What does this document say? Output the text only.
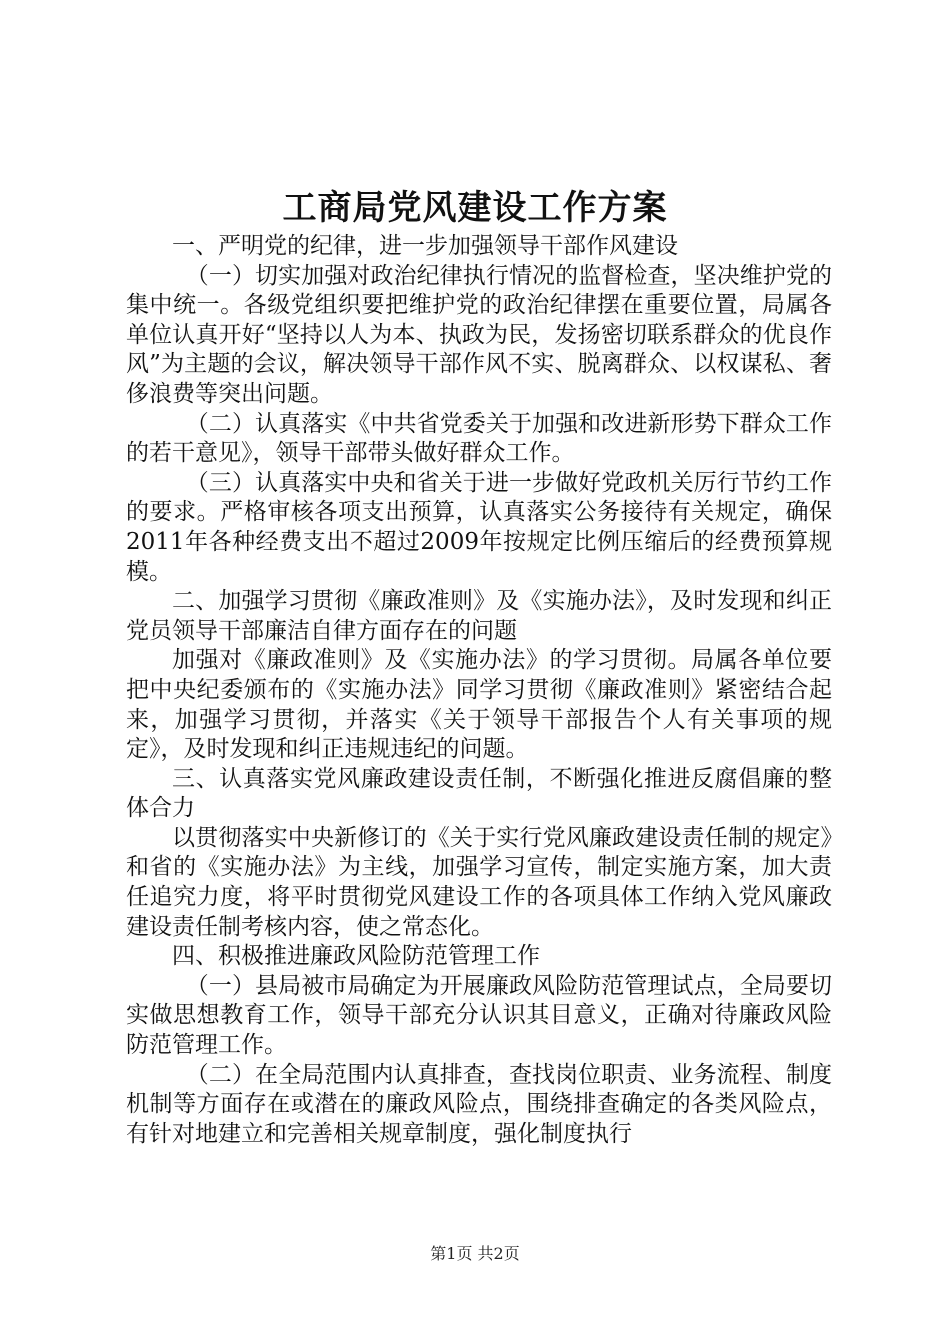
工商局党风建设工作方案

一、严明党的纪律，进一步加强领导干部作风建设

（一）切实加强对政治纪律执行情况的监督检查，坚决维护党的集中统一。各级党组织要把维护党的政治纪律摆在重要位置，局属各单位认真开好“坚持以人为本、执政为民，发扬密切联系群众的优良作风”为主题的会议，解决领导干部作风不实、脱离群众、以权谋私、奢侈浪费等突出问题。

（二）认真落实《中共省党委关于加强和改进新形势下群众工作的若干意见》，领导干部带头做好群众工作。

（三）认真落实中央和省关于进一步做好党政机关厉行节约工作的要求。严格审核各项支出预算，认真落实公务接待有关规定，确保2011年各种经费支出不超过2009年按规定比例压缩后的经费预算规模。

二、加强学习贯彻《廉政准则》及《实施办法》，及时发现和纠正党员领导干部廉洁自律方面存在的问题

加强对《廉政准则》及《实施办法》的学习贯彻。局属各单位要把中央纪委颁布的《实施办法》同学习贯彻《廉政准则》紧密结合起来，加强学习贯彻，并落实《关于领导干部报告个人有关事项的规定》，及时发现和纠正违规违纪的问题。

三、认真落实党风廉政建设责任制，不断强化推进反腐倡廉的整体合力

以贯彻落实中央新修订的《关于实行党风廉政建设责任制的规定》和省的《实施办法》为主线，加强学习宣传，制定实施方案，加大责任追究力度，将平时贯彻党风建设工作的各项具体工作纳入党风廉政建设责任制考核内容，使之常态化。

四、积极推进廉政风险防范管理工作

（一）县局被市局确定为开展廉政风险防范管理试点，全局要切实做思想教育工作，领导干部充分认识其目意义，正确对待廉政风险防范管理工作。

（二）在全局范围内认真排查，查找岗位职责、业务流程、制度机制等方面存在或潜在的廉政风险点，围绕排查确定的各类风险点，有针对地建立和完善相关规章制度，强化制度执行

第1页 共2页
